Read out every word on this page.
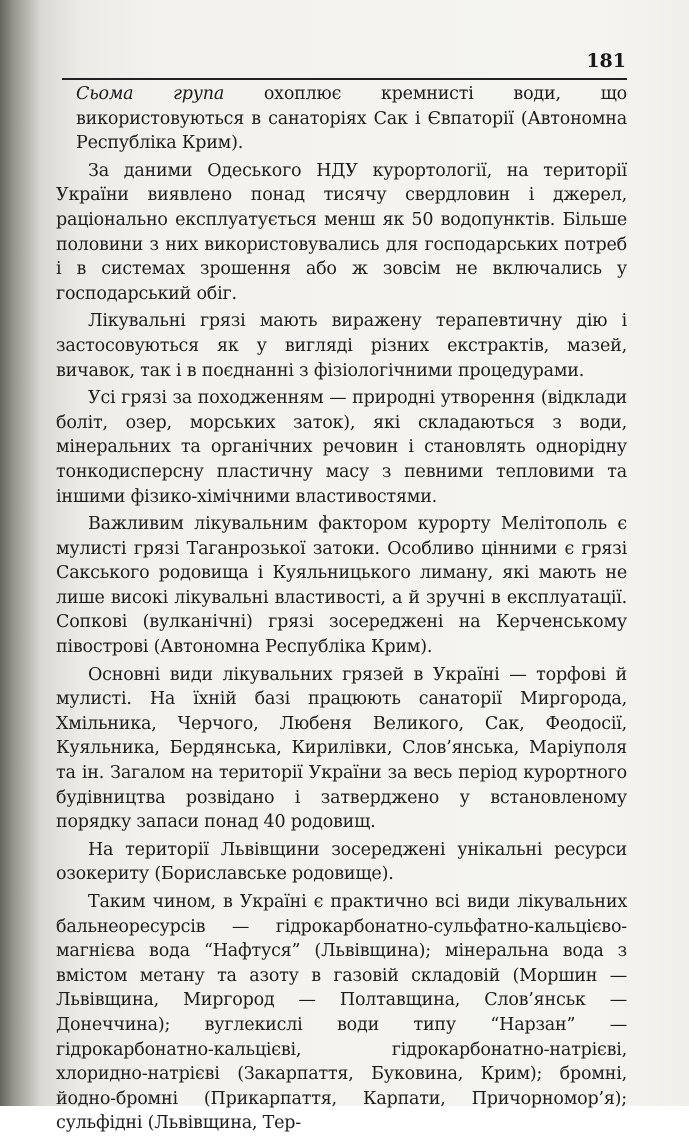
181

Сьома група охоплює кремнисті води, що використовуються в санаторіях Сак і Євпаторії (Автономна Республіка Крим).

За даними Одеського НДУ курортології, на території України виявлено понад тисячу свердловин і джерел, раціонально експлуатується менш як 50 водопунктів. Більше половини з них використовувались для господарських потреб і в системах зрошення або ж зовсім не включались у господарський обіг.

Лікувальні грязі мають виражену терапевтичну дію і застосовуються як у вигляді різних екстрактів, мазей, вичавок, так і в поєднанні з фізіологічними процедурами.

Усі грязі за походженням — природні утворення (відклади боліт, озер, морських заток), які складаються з води, мінеральних та органічних речовин і становлять однорідну тонкодисперсну пластичну масу з певними тепловими та іншими фізико-хімічними властивостями.

Важливим лікувальним фактором курорту Мелітополь є мулисті грязі Таганрозької затоки. Особливо цінними є грязі Сакського родовища і Куяльницького лиману, які мають не лише високі лікувальні властивості, а й зручні в експлуатації. Сопкові (вулканічні) грязі зосереджені на Керченському півострові (Автономна Республіка Крим).

Основні види лікувальних грязей в Україні — торфові й мулисті. На їхній базі працюють санаторії Миргорода, Хмільника, Черчого, Любеня Великого, Сак, Феодосії, Куяльника, Бердянська, Кирилівки, Слов’янська, Маріуполя та ін. Загалом на території України за весь період курортного будівництва розвідано і затверджено у встановленому порядку запаси понад 40 родовищ.

На території Львівщини зосереджені унікальні ресурси озокериту (Бориславське родовище).

Таким чином, в Україні є практично всі види лікувальних бальнеоресурсів — гідрокарбонатно-сульфатно-кальцієво-магнієва вода “Нафтуся” (Львівщина); мінеральна вода з вмістом метану та азоту в газовій складовій (Моршин — Львівщина, Миргород — Полтавщина, Слов’янськ — Донеччина); вуглекислі води типу “Нарзан” — гідрокарбонатно-кальцієві, гідрокарбонатно-натрієві, хлоридно-натрієві (Закарпаття, Буковина, Крим); бромні, йодно-бромні (Прикарпаття, Карпати, Причорномор’я); сульфідні (Львівщина, Тер-
